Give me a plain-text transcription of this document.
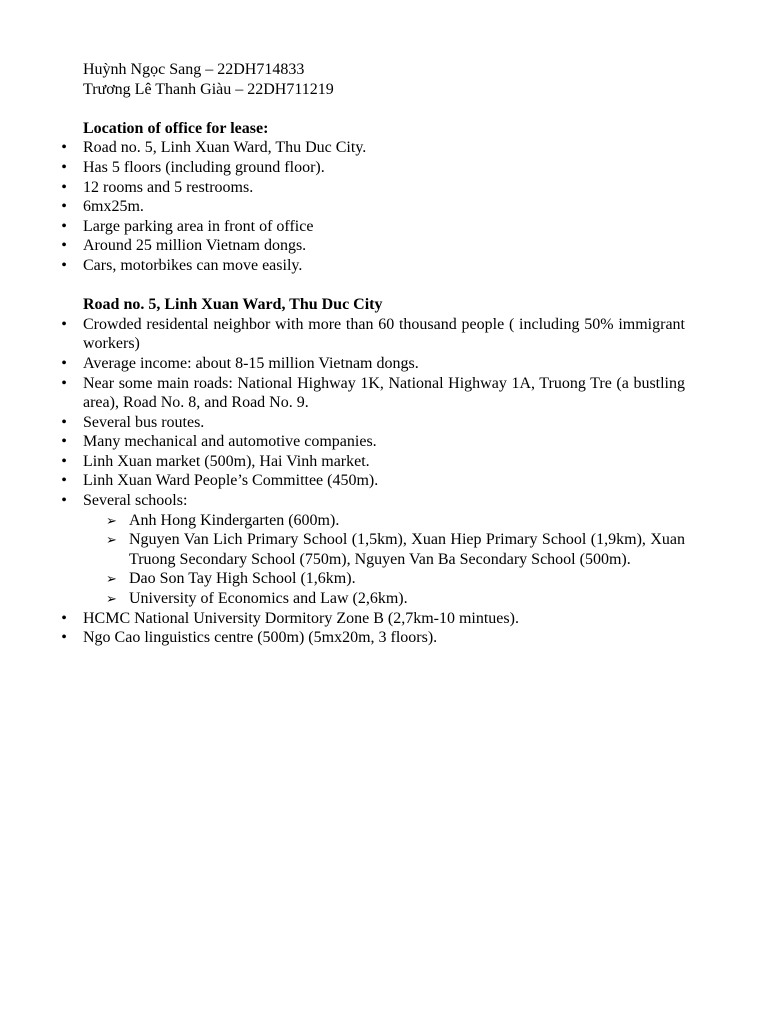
Huỳnh Ngọc Sang – 22DH714833
Trương Lê Thanh Giàu – 22DH711219
Location of office for lease:
• Road no. 5, Linh Xuan Ward, Thu Duc City.
• Has 5 floors (including ground floor).
• 12 rooms and 5 restrooms.
• 6mx25m.
• Large parking area in front of office
• Around 25 million Vietnam dongs.
• Cars, motorbikes can move easily.
Road no. 5, Linh Xuan Ward, Thu Duc City
• Crowded residental neighbor with more than 60 thousand people ( including 50% immigrant workers)
• Average income: about 8-15 million Vietnam dongs.
• Near some main roads: National Highway 1K, National Highway 1A, Truong Tre (a bustling area), Road No. 8, and Road No. 9.
• Several bus routes.
• Many mechanical and automotive companies.
• Linh Xuan market (500m), Hai Vinh market.
• Linh Xuan Ward People’s Committee (450m).
• Several schools:
➢ Anh Hong Kindergarten (600m).
➢ Nguyen Van Lich Primary School (1,5km), Xuan Hiep Primary School (1,9km), Xuan Truong Secondary School (750m), Nguyen Van Ba Secondary School (500m).
➢ Dao Son Tay High School (1,6km).
➢ University of Economics and Law (2,6km).
• HCMC National University Dormitory Zone B (2,7km-10 mintues).
• Ngo Cao linguistics centre (500m) (5mx20m, 3 floors).
